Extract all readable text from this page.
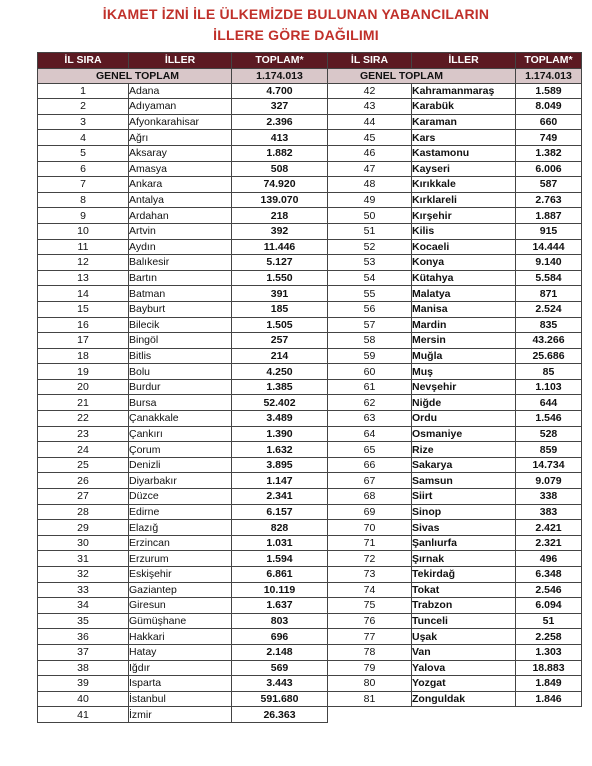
İKAMET İZNİ İLE ÜLKEMİZDE BULUNAN YABANCILARIN
İLLERE GÖRE DAĞILIMI
İL SIRA	İLLER	TOPLAM*	İL SIRA	İLLER	TOPLAM*
GENEL TOPLAM		1.174.013	GENEL TOPLAM		1.174.013
1	Adana	4.700	42	Kahramanmaraş	1.589
2	Adıyaman	327	43	Karabük	8.049
3	Afyonkarahisar	2.396	44	Karaman	660
4	Ağrı	413	45	Kars	749
5	Aksaray	1.882	46	Kastamonu	1.382
6	Amasya	508	47	Kayseri	6.006
7	Ankara	74.920	48	Kırıkkale	587
8	Antalya	139.070	49	Kırklareli	2.763
9	Ardahan	218	50	Kırşehir	1.887
10	Artvin	392	51	Kilis	915
11	Aydın	11.446	52	Kocaeli	14.444
12	Balıkesir	5.127	53	Konya	9.140
13	Bartın	1.550	54	Kütahya	5.584
14	Batman	391	55	Malatya	871
15	Bayburt	185	56	Manisa	2.524
16	Bilecik	1.505	57	Mardin	835
17	Bingöl	257	58	Mersin	43.266
18	Bitlis	214	59	Muğla	25.686
19	Bolu	4.250	60	Muş	85
20	Burdur	1.385	61	Nevşehir	1.103
21	Bursa	52.402	62	Niğde	644
22	Çanakkale	3.489	63	Ordu	1.546
23	Çankırı	1.390	64	Osmaniye	528
24	Çorum	1.632	65	Rize	859
25	Denizli	3.895	66	Sakarya	14.734
26	Diyarbakır	1.147	67	Samsun	9.079
27	Düzce	2.341	68	Siirt	338
28	Edirne	6.157	69	Sinop	383
29	Elazığ	828	70	Sivas	2.421
30	Erzincan	1.031	71	Şanlıurfa	2.321
31	Erzurum	1.594	72	Şırnak	496
32	Eskişehir	6.861	73	Tekirdağ	6.348
33	Gaziantep	10.119	74	Tokat	2.546
34	Giresun	1.637	75	Trabzon	6.094
35	Gümüşhane	803	76	Tunceli	51
36	Hakkari	696	77	Uşak	2.258
37	Hatay	2.148	78	Van	1.303
38	Iğdır	569	79	Yalova	18.883
39	Isparta	3.443	80	Yozgat	1.849
40	İstanbul	591.680	81	Zonguldak	1.846
41	İzmir	26.363			
